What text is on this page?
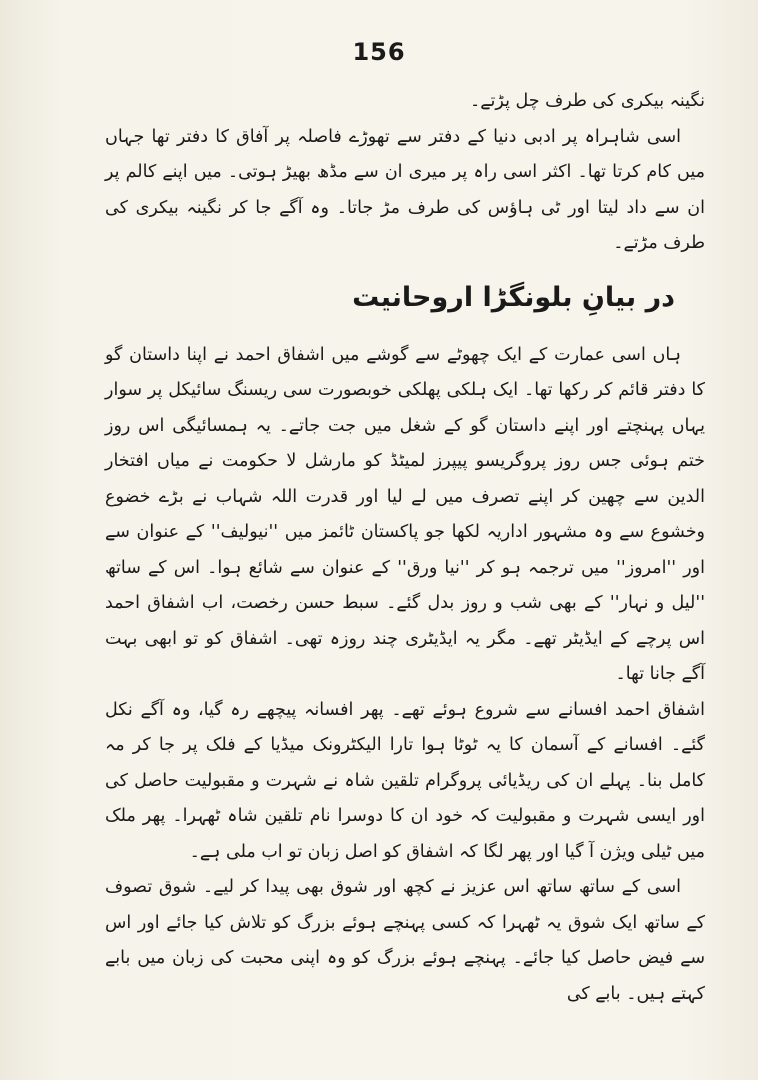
156

نگینہ بیکری کی طرف چل پڑتے۔

اسی شاہراہ پر ادبی دنیا کے دفتر سے تھوڑے فاصلہ پر آفاق کا دفتر تھا جہاں میں کام کرتا تھا۔ اکثر اسی راہ پر میری ان سے مڈھ بھیڑ ہوتی۔ میں اپنے کالم پر ان سے داد لیتا اور ٹی ہاؤس کی طرف مڑ جاتا۔ وہ آگے جا کر نگینہ بیکری کی طرف مڑتے۔

در بیانِ بلونگڑا اروحانیت

ہاں اسی عمارت کے ایک چھوٹے سے گوشے میں اشفاق احمد نے اپنا داستان گو کا دفتر قائم کر رکھا تھا۔ ایک ہلکی پھلکی خوبصورت سی ریسنگ سائیکل پر سوار یہاں پہنچتے اور اپنے داستان گو کے شغل میں جت جاتے۔ یہ ہمسائیگی اس روز ختم ہوئی جس روز پروگریسو پیپرز لمیٹڈ کو مارشل لا حکومت نے میاں افتخار الدین سے چھین کر اپنے تصرف میں لے لیا اور قدرت اللہ شہاب نے بڑے خضوع وخشوع سے وہ مشہور اداریہ لکھا جو پاکستان ٹائمز میں ''نیولیف'' کے عنوان سے اور ''امروز'' میں ترجمہ ہو کر ''نیا ورق'' کے عنوان سے شائع ہوا۔ اس کے ساتھ ''لیل و نہار'' کے بھی شب و روز بدل گئے۔ سبط حسن رخصت، اب اشفاق احمد اس پرچے کے ایڈیٹر تھے۔ مگر یہ ایڈیٹری چند روزہ تھی۔ اشفاق کو تو ابھی بہت آگے جانا تھا۔

اشفاق احمد افسانے سے شروع ہوئے تھے۔ پھر افسانہ پیچھے رہ گیا، وہ آگے نکل گئے۔ افسانے کے آسمان کا یہ ٹوٹا ہوا تارا الیکٹرونک میڈیا کے فلک پر جا کر مہ کامل بنا۔ پہلے ان کی ریڈیائی پروگرام تلقین شاہ نے شہرت و مقبولیت حاصل کی اور ایسی شہرت و مقبولیت کہ خود ان کا دوسرا نام تلقین شاہ ٹھہرا۔ پھر ملک میں ٹیلی ویژن آ گیا اور پھر لگا کہ اشفاق کو اصل زبان تو اب ملی ہے۔

اسی کے ساتھ ساتھ اس عزیز نے کچھ اور شوق بھی پیدا کر لیے۔ شوق تصوف کے ساتھ ایک شوق یہ ٹھہرا کہ کسی پہنچے ہوئے بزرگ کو تلاش کیا جائے اور اس سے فیض حاصل کیا جائے۔ پہنچے ہوئے بزرگ کو وہ اپنی محبت کی زبان میں بابے کہتے ہیں۔ بابے کی
